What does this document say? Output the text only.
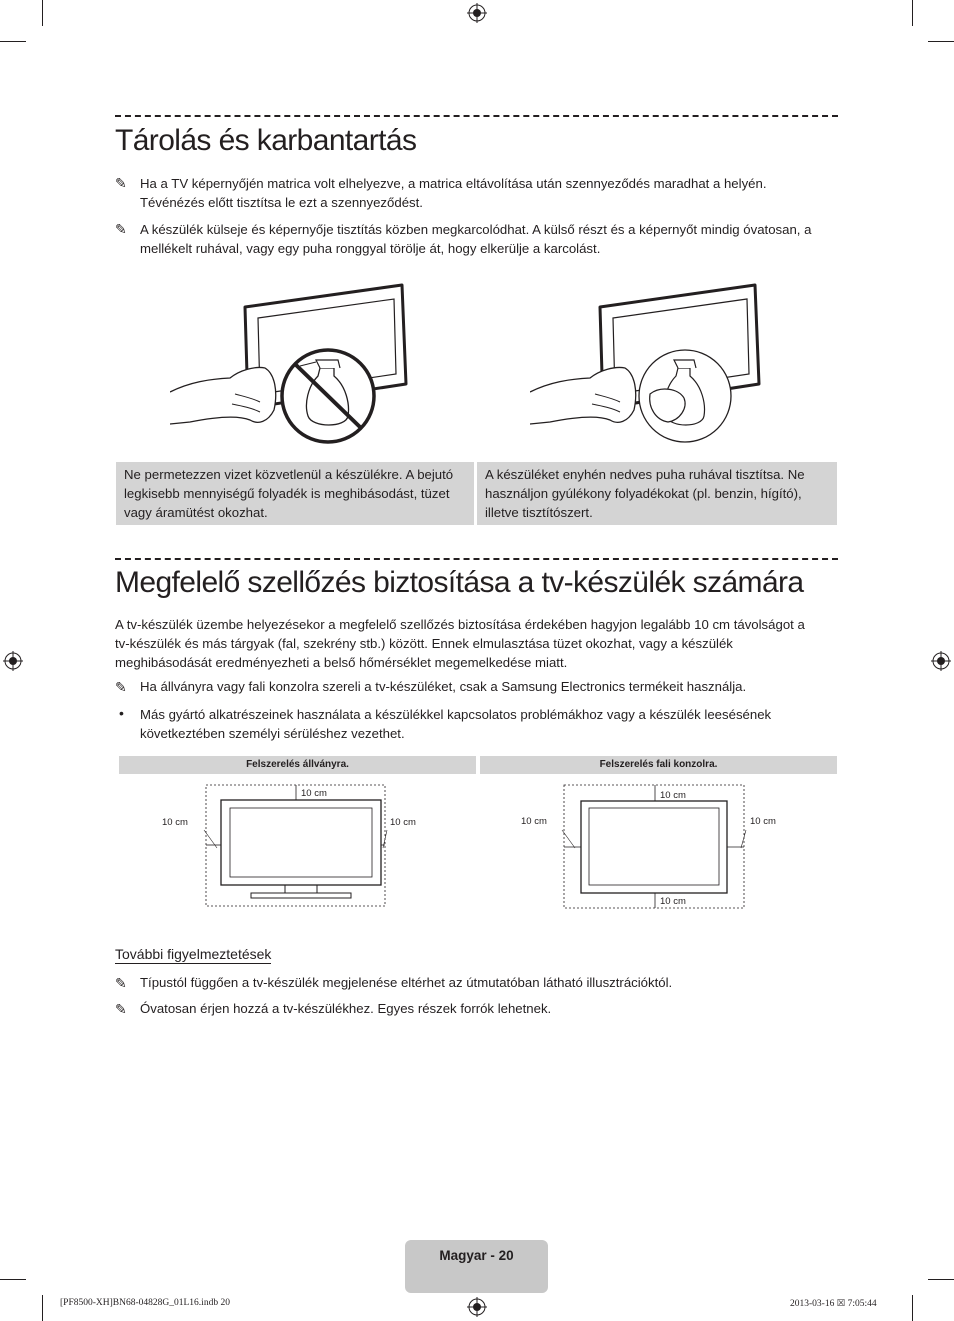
Tárolás és karbantartás
✎ Ha a TV képernyőjén matrica volt elhelyezve, a matrica eltávolítása után szennyeződés maradhat a helyén. Tévénézés előtt tisztítsa le ezt a szennyeződést.
✎ A készülék külseje és képernyője tisztítás közben megkarcolódhat. A külső részt és a képernyőt mindig óvatosan, a mellékelt ruhával, vagy egy puha ronggyal törölje át, hogy elkerülje a karcolást.
Ne permetezzen vizet közvetlenül a készülékre. A bejutó legkisebb mennyiségű folyadék is meghibásodást, tüzet vagy áramütést okozhat.
A készüléket enyhén nedves puha ruhával tisztítsa. Ne használjon gyúlékony folyadékokat (pl. benzin, hígító), illetve tisztítószert.
Megfelelő szellőzés biztosítása a tv-készülék számára
A tv-készülék üzembe helyezésekor a megfelelő szellőzés biztosítása érdekében hagyjon legalább 10 cm távolságot a tv-készülék és más tárgyak (fal, szekrény stb.) között. Ennek elmulasztása tüzet okozhat, vagy a készülék meghibásodását eredményezheti a belső hőmérséklet megemelkedése miatt.
✎ Ha állványra vagy fali konzolra szereli a tv-készüléket, csak a Samsung Electronics termékeit használja.
• Más gyártó alkatrészeinek használata a készülékkel kapcsolatos problémákhoz vagy a készülék leesésének következtében személyi sérüléshez vezethet.
Felszerelés állványra.	Felszerelés fali konzolra.
10 cm
10 cm	10 cm
10 cm
10 cm	10 cm
10 cm
További figyelmeztetések
✎ Típustól függően a tv-készülék megjelenése eltérhet az útmutatóban látható illusztrációktól.
✎ Óvatosan érjen hozzá a tv-készülékhez. Egyes részek forrók lehetnek.
Magyar - 20
[PF8500-XH]BN68-04828G_01L16.indb 20	2013-03-16 ☒ 7:05:44
